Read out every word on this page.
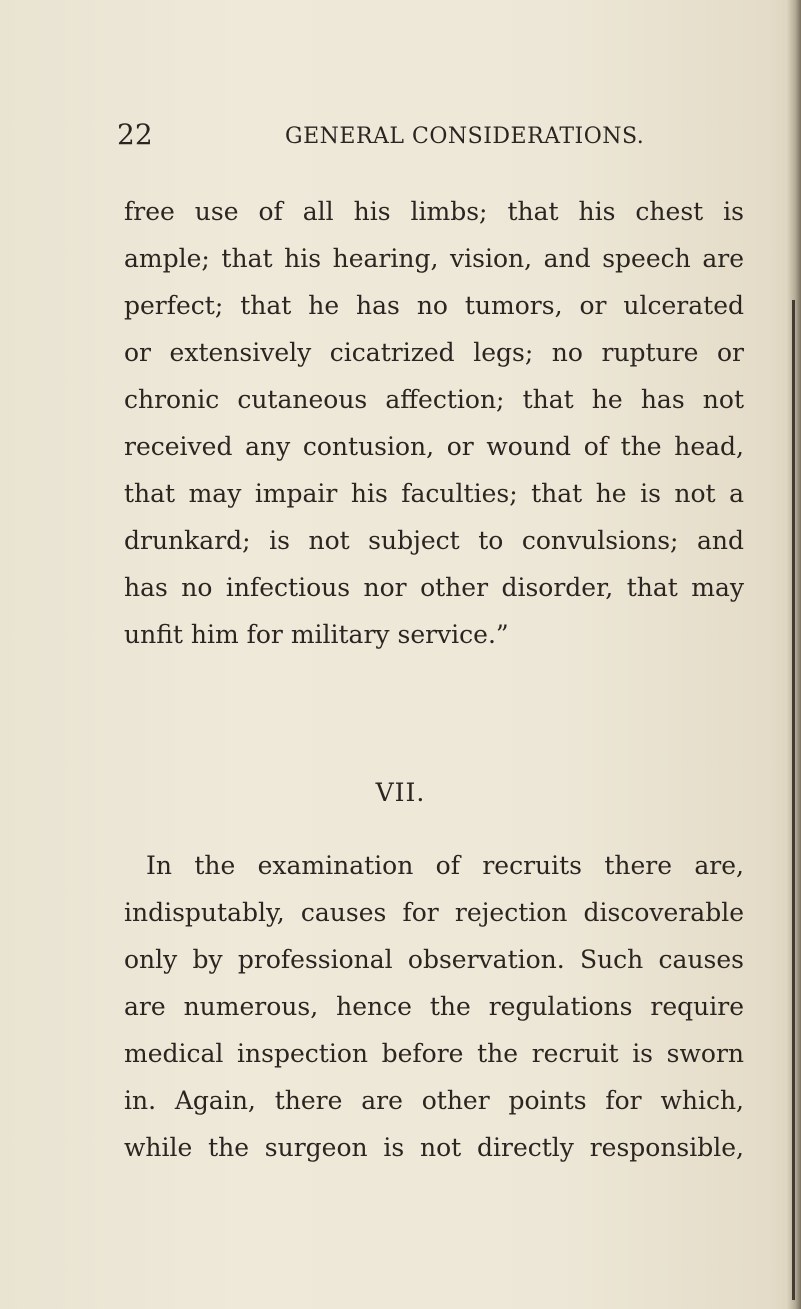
22	GENERAL CONSIDERATIONS.

free use of all his limbs; that his chest is
ample; that his hearing, vision, and speech are
perfect; that he has no tumors, or ulcerated
or extensively cicatrized legs; no rupture or
chronic cutaneous affection; that he has not
received any contusion, or wound of the head,
that may impair his faculties; that he is not a
drunkard; is not subject to convulsions; and
has no infectious nor other disorder, that may
unfit him for military service.”

VII.

In the examination of recruits there are,
indisputably, causes for rejection discoverable
only by professional observation. Such causes
are numerous, hence the regulations require
medical inspection before the recruit is sworn
in. Again, there are other points for which,
while the surgeon is not directly responsible,
